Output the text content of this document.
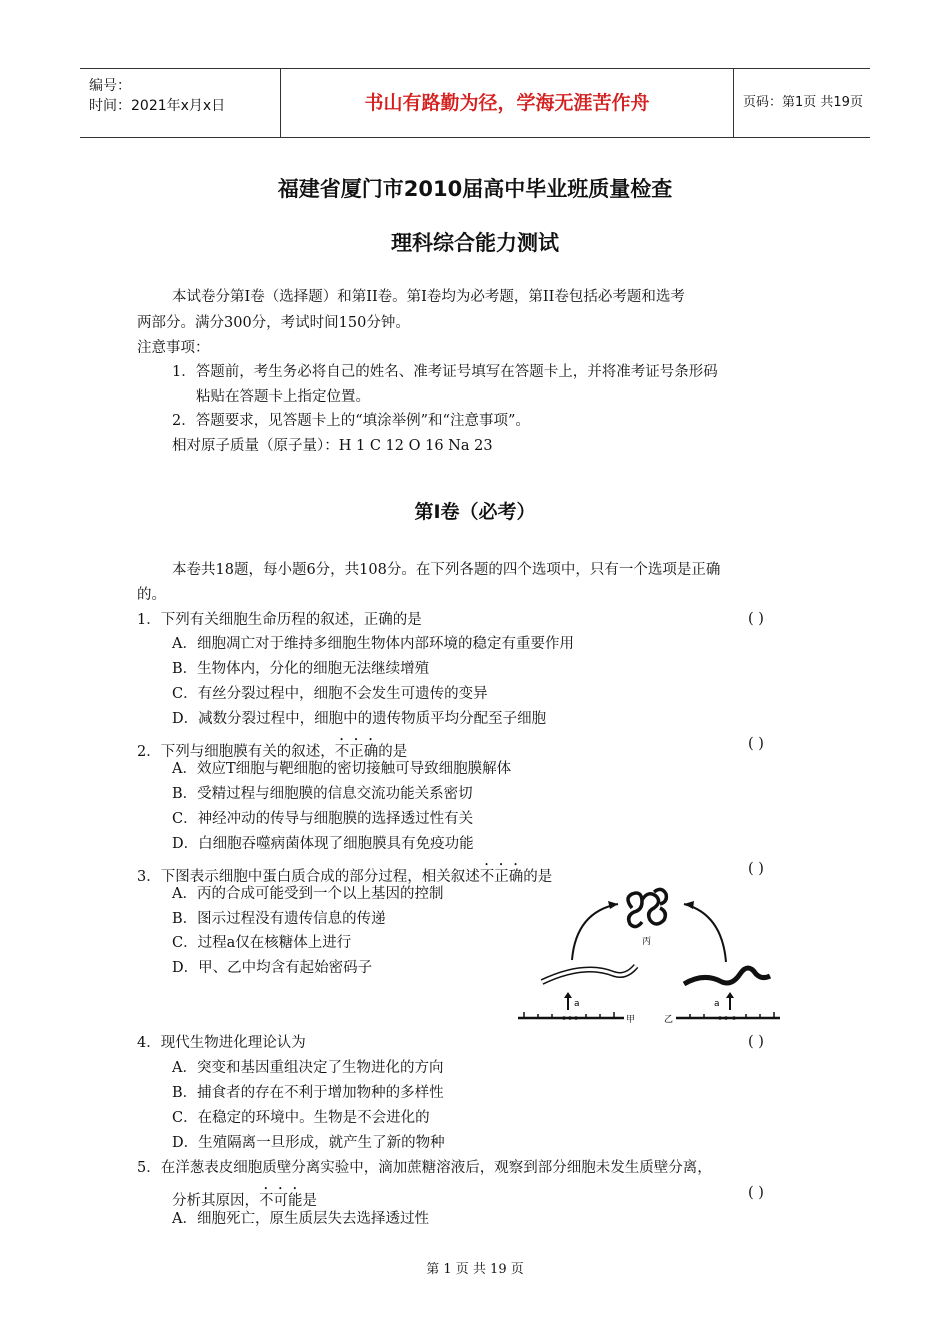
编号：
时间：2021年x月x日	书山有路勤为径，学海无涯苦作舟	页码：第1页 共19页
福建省厦门市2010届高中毕业班质量检查
理科综合能力测试
本试卷分第Ⅰ卷（选择题）和第II卷。第Ⅰ卷均为必考题，第II卷包括必考题和选考
两部分。满分300分，考试时间150分钟。
注意事项：
1．答题前，考生务必将自己的姓名、准考证号填写在答题卡上，并将准考证号条形码
粘贴在答题卡上指定位置。
2．答题要求，见答题卡上的“填涂举例”和“注意事项”。
相对原子质量（原子量）：H 1 C 12 O 16 Na 23
第Ⅰ卷（必考）
本卷共18题，每小题6分，共108分。在下列各题的四个选项中，只有一个选项是正确
的。
1．下列有关细胞生命历程的叙述，正确的是	( )
A．细胞凋亡对于维持多细胞生物体内部环境的稳定有重要作用
B．生物体内，分化的细胞无法继续增殖
C．有丝分裂过程中，细胞不会发生可遗传的变异
D．减数分裂过程中，细胞中的遗传物质平均分配至子细胞
2．下列与细胞膜有关的叙述，不正确的是	( )
A．效应T细胞与靶细胞的密切接触可导致细胞膜解体
B．受精过程与细胞膜的信息交流功能关系密切
C．神经冲动的传导与细胞膜的选择透过性有关
D．白细胞吞噬病菌体现了细胞膜具有免疫功能
3．下图表示细胞中蛋白质合成的部分过程，相关叙述不正确的是	( )
A．丙的合成可能受到一个以上基因的控制
B．图示过程没有遗传信息的传递
C．过程a仅在核糖体上进行
D．甲、乙中均含有起始密码子
丙
a	a
甲	乙
4．现代生物进化理论认为	( )
A．突变和基因重组决定了生物进化的方向
B．捕食者的存在不利于增加物种的多样性
C．在稳定的环境中。生物是不会进化的
D．生殖隔离一旦形成，就产生了新的物种
5．在洋葱表皮细胞质壁分离实验中，滴加蔗糖溶液后，观察到部分细胞未发生质壁分离，
分析其原因，不可能是	( )
A．细胞死亡，原生质层失去选择透过性
第 1 页 共 19 页
